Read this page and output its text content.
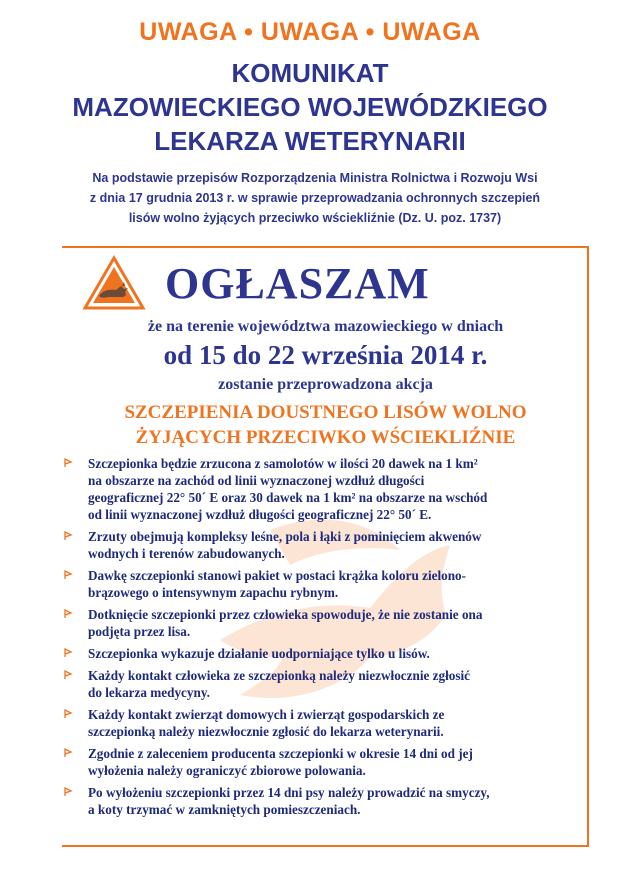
UWAGA • UWAGA • UWAGA
KOMUNIKAT
MAZOWIECKIEGO WOJEWÓDZKIEGO
LEKARZA WETERYNARII
Na podstawie przepisów Rozporządzenia Ministra Rolnictwa i Rozwoju Wsi
z dnia 17 grudnia 2013 r. w sprawie przeprowadzania ochronnych szczepień
lisów wolno żyjących przeciwko wściekliźnie (Dz. U. poz. 1737)
OGŁASZAM
że na terenie województwa mazowieckiego w dniach
od 15 do 22 września 2014 r.
zostanie przeprowadzona akcja
SZCZEPIENIA DOUSTNEGO LISÓW WOLNO
ŻYJĄCYCH PRZECIWKO WŚCIEKLIŹNIE
Szczepionka będzie zrzucona z samolotów w ilości 20 dawek na 1 km²
na obszarze na zachód od linii wyznaczonej wzdłuż długości
geograficznej 22° 50´ E oraz 30 dawek na 1 km² na obszarze na wschód
od linii wyznaczonej wzdłuż długości geograficznej 22° 50´ E.
Zrzuty obejmują kompleksy leśne, pola i łąki z pominięciem akwenów
wodnych i terenów zabudowanych.
Dawkę szczepionki stanowi pakiet w postaci krążka koloru zielono-
brązowego o intensywnym zapachu rybnym.
Dotknięcie szczepionki przez człowieka spowoduje, że nie zostanie ona
podjęta przez lisa.
Szczepionka wykazuje działanie uodporniające tylko u lisów.
Każdy kontakt człowieka ze szczepionką należy niezwłocznie zgłosić
do lekarza medycyny.
Każdy kontakt zwierząt domowych i zwierząt gospodarskich ze
szczepionką należy niezwłocznie zgłosić do lekarza weterynarii.
Zgodnie z zaleceniem producenta szczepionki w okresie 14 dni od jej
wyłożenia należy ograniczyć zbiorowe polowania.
Po wyłożeniu szczepionki przez 14 dni psy należy prowadzić na smyczy,
a koty trzymać w zamkniętych pomieszczeniach.
